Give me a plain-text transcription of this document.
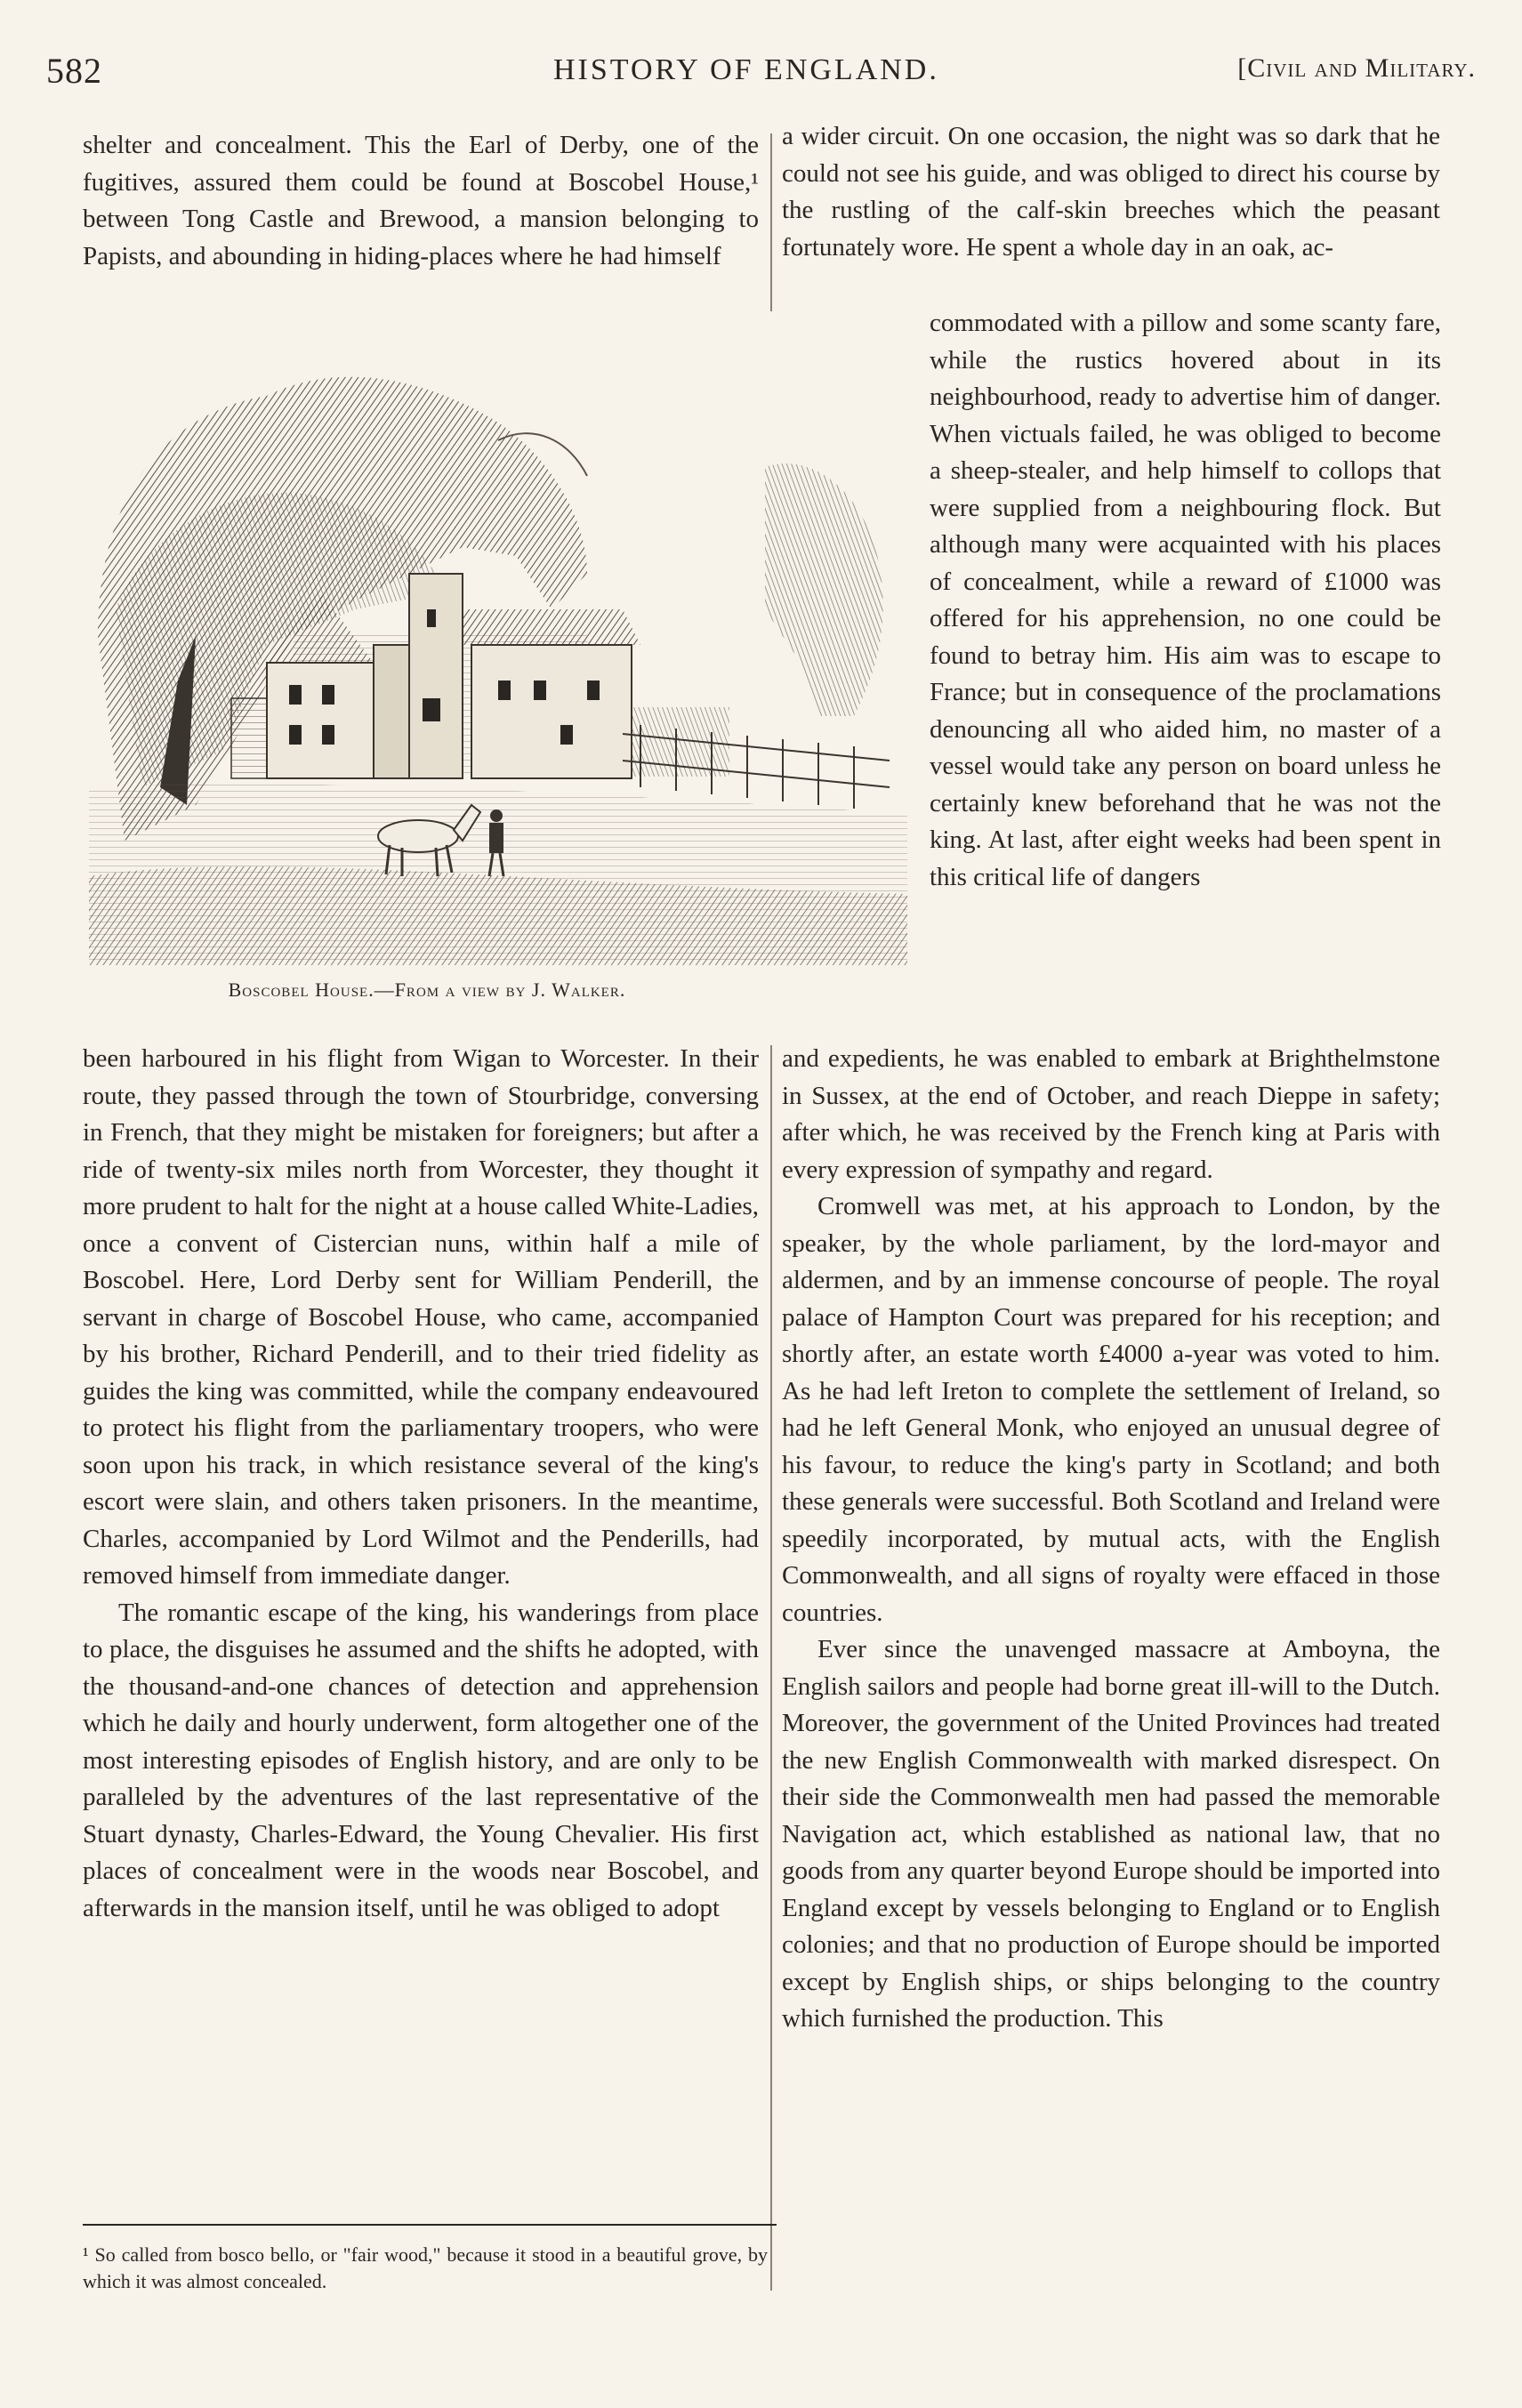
582	HISTORY OF ENGLAND.	[Civil and Military.

shelter and concealment. This the Earl of Derby, one of the fugitives, assured them could be found at Boscobel House,¹ between Tong Castle and Brewood, a mansion belonging to Papists, and abounding in hiding-places where he had himself

Boscobel House.—From a view by J. Walker.

been harboured in his flight from Wigan to Worcester. In their route, they passed through the town of Stourbridge, conversing in French, that they might be mistaken for foreigners; but after a ride of twenty-six miles north from Worcester, they thought it more prudent to halt for the night at a house called White-Ladies, once a convent of Cistercian nuns, within half a mile of Boscobel. Here, Lord Derby sent for William Penderill, the servant in charge of Boscobel House, who came, accompanied by his brother, Richard Penderill, and to their tried fidelity as guides the king was committed, while the company endeavoured to protect his flight from the parliamentary troopers, who were soon upon his track, in which resistance several of the king's escort were slain, and others taken prisoners. In the meantime, Charles, accompanied by Lord Wilmot and the Penderills, had removed himself from immediate danger.

The romantic escape of the king, his wanderings from place to place, the disguises he assumed and the shifts he adopted, with the thousand-and-one chances of detection and apprehension which he daily and hourly underwent, form altogether one of the most interesting episodes of English history, and are only to be paralleled by the adventures of the last representative of the Stuart dynasty, Charles-Edward, the Young Chevalier. His first places of concealment were in the woods near Boscobel, and afterwards in the mansion itself, until he was obliged to adopt

a wider circuit. On one occasion, the night was so dark that he could not see his guide, and was obliged to direct his course by the rustling of the calf-skin breeches which the peasant fortunately wore. He spent a whole day in an oak, ac-

commodated with a pillow and some scanty fare, while the rustics hovered about in its neighbourhood, ready to advertise him of danger. When victuals failed, he was obliged to become a sheep-stealer, and help himself to collops that were supplied from a neighbouring flock. But although many were acquainted with his places of concealment, while a reward of £1000 was offered for his apprehension, no one could be found to betray him. His aim was to escape to France; but in consequence of the proclamations denouncing all who aided him, no master of a vessel would take any person on board unless he certainly knew beforehand that he was not the king. At last, after eight weeks had been spent in this critical life of dangers

and expedients, he was enabled to embark at Brighthelmstone in Sussex, at the end of October, and reach Dieppe in safety; after which, he was received by the French king at Paris with every expression of sympathy and regard.

Cromwell was met, at his approach to London, by the speaker, by the whole parliament, by the lord-mayor and aldermen, and by an immense concourse of people. The royal palace of Hampton Court was prepared for his reception; and shortly after, an estate worth £4000 a-year was voted to him. As he had left Ireton to complete the settlement of Ireland, so had he left General Monk, who enjoyed an unusual degree of his favour, to reduce the king's party in Scotland; and both these generals were successful. Both Scotland and Ireland were speedily incorporated, by mutual acts, with the English Commonwealth, and all signs of royalty were effaced in those countries.

Ever since the unavenged massacre at Amboyna, the English sailors and people had borne great ill-will to the Dutch. Moreover, the government of the United Provinces had treated the new English Commonwealth with marked disrespect. On their side the Commonwealth men had passed the memorable Navigation act, which established as national law, that no goods from any quarter beyond Europe should be imported into England except by vessels belonging to England or to English colonies; and that no production of Europe should be imported except by English ships, or ships belonging to the country which furnished the production. This

¹ So called from bosco bello, or "fair wood," because it stood in a beautiful grove, by which it was almost concealed.
